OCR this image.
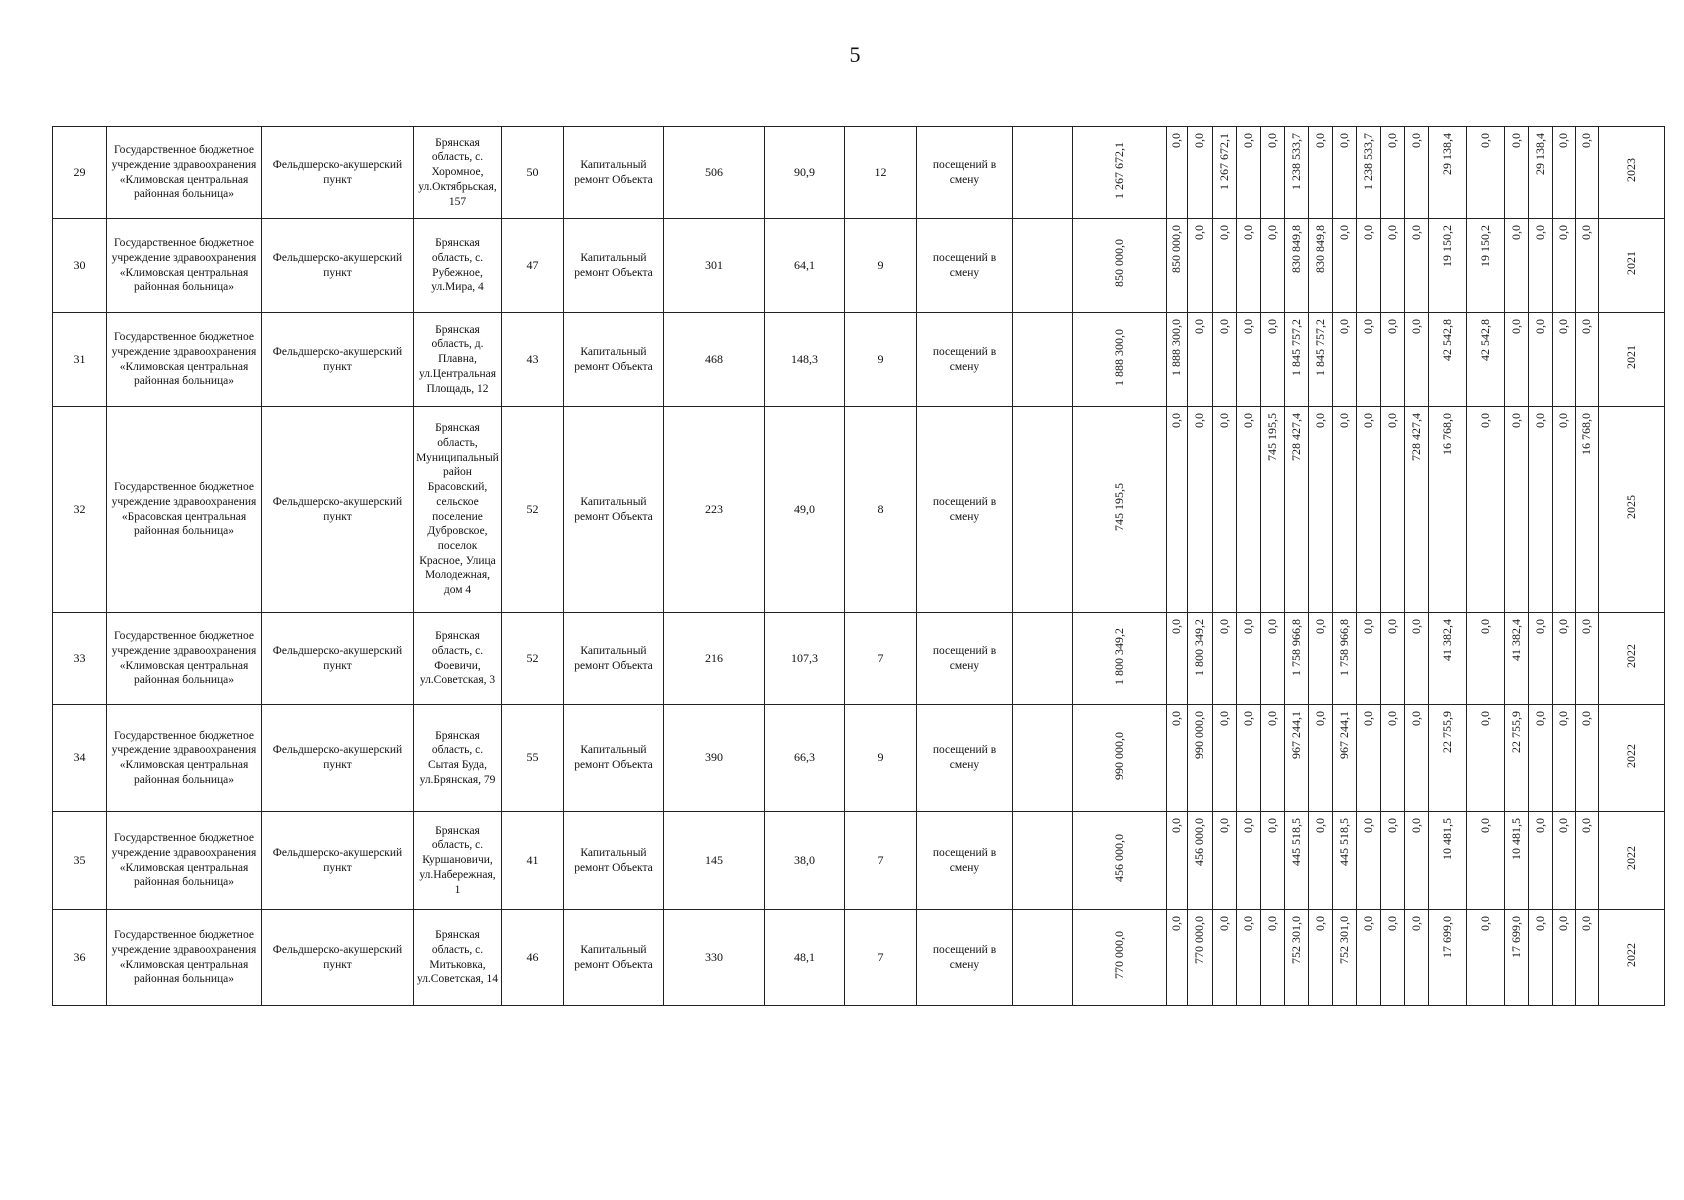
5
29	Государственное бюджетное учреждение здравоохранения «Климовская центральная районная больница»	Фельдшерско-акушерский пункт	Брянская область, с. Хоромное, ул.Октябрьская, 157	50	Капитальный ремонт Объекта	506	90,9	12	посещений в смену		1 267 672,1	0,0	0,0	1 267 672,1	0,0	0,0	1 238 533,7	0,0	0,0	1 238 533,7	0,0	0,0	29 138,4	0,0	0,0	29 138,4	0,0	0,0	2023
30	Государственное бюджетное учреждение здравоохранения «Климовская центральная районная больница»	Фельдшерско-акушерский пункт	Брянская область, с. Рубежное, ул.Мира, 4	47	Капитальный ремонт Объекта	301	64,1	9	посещений в смену		850 000,0	850 000,0	0,0	0,0	0,0	0,0	830 849,8	830 849,8	0,0	0,0	0,0	0,0	19 150,2	19 150,2	0,0	0,0	0,0	0,0	2021
31	Государственное бюджетное учреждение здравоохранения «Климовская центральная районная больница»	Фельдшерско-акушерский пункт	Брянская область, д. Плавна, ул.Центральная Площадь, 12	43	Капитальный ремонт Объекта	468	148,3	9	посещений в смену		1 888 300,0	1 888 300,0	0,0	0,0	0,0	0,0	1 845 757,2	1 845 757,2	0,0	0,0	0,0	0,0	42 542,8	42 542,8	0,0	0,0	0,0	0,0	2021
32	Государственное бюджетное учреждение здравоохранения «Брасовская центральная районная больница»	Фельдшерско-акушерский пункт	Брянская область, Муниципальный район Брасовский, сельское поселение Дубровское, поселок Красное, Улица Молодежная, дом 4	52	Капитальный ремонт Объекта	223	49,0	8	посещений в смену		745 195,5	0,0	0,0	0,0	0,0	745 195,5	728 427,4	0,0	0,0	0,0	0,0	728 427,4	16 768,0	0,0	0,0	0,0	0,0	16 768,0	2025
33	Государственное бюджетное учреждение здравоохранения «Климовская центральная районная больница»	Фельдшерско-акушерский пункт	Брянская область, с. Фоевичи, ул.Советская, 3	52	Капитальный ремонт Объекта	216	107,3	7	посещений в смену		1 800 349,2	0,0	1 800 349,2	0,0	0,0	0,0	1 758 966,8	0,0	1 758 966,8	0,0	0,0	0,0	41 382,4	0,0	41 382,4	0,0	0,0	0,0	2022
34	Государственное бюджетное учреждение здравоохранения «Климовская центральная районная больница»	Фельдшерско-акушерский пункт	Брянская область, с. Сытая Буда, ул.Брянская, 79	55	Капитальный ремонт Объекта	390	66,3	9	посещений в смену		990 000,0	0,0	990 000,0	0,0	0,0	0,0	967 244,1	0,0	967 244,1	0,0	0,0	0,0	22 755,9	0,0	22 755,9	0,0	0,0	0,0	2022
35	Государственное бюджетное учреждение здравоохранения «Климовская центральная районная больница»	Фельдшерско-акушерский пункт	Брянская область, с. Куршановичи, ул.Набережная, 1	41	Капитальный ремонт Объекта	145	38,0	7	посещений в смену		456 000,0	0,0	456 000,0	0,0	0,0	0,0	445 518,5	0,0	445 518,5	0,0	0,0	0,0	10 481,5	0,0	10 481,5	0,0	0,0	0,0	2022
36	Государственное бюджетное учреждение здравоохранения «Климовская центральная районная больница»	Фельдшерско-акушерский пункт	Брянская область, с. Митьковка, ул.Советская, 14	46	Капитальный ремонт Объекта	330	48,1	7	посещений в смену		770 000,0	0,0	770 000,0	0,0	0,0	0,0	752 301,0	0,0	752 301,0	0,0	0,0	0,0	17 699,0	0,0	17 699,0	0,0	0,0	0,0	2022
